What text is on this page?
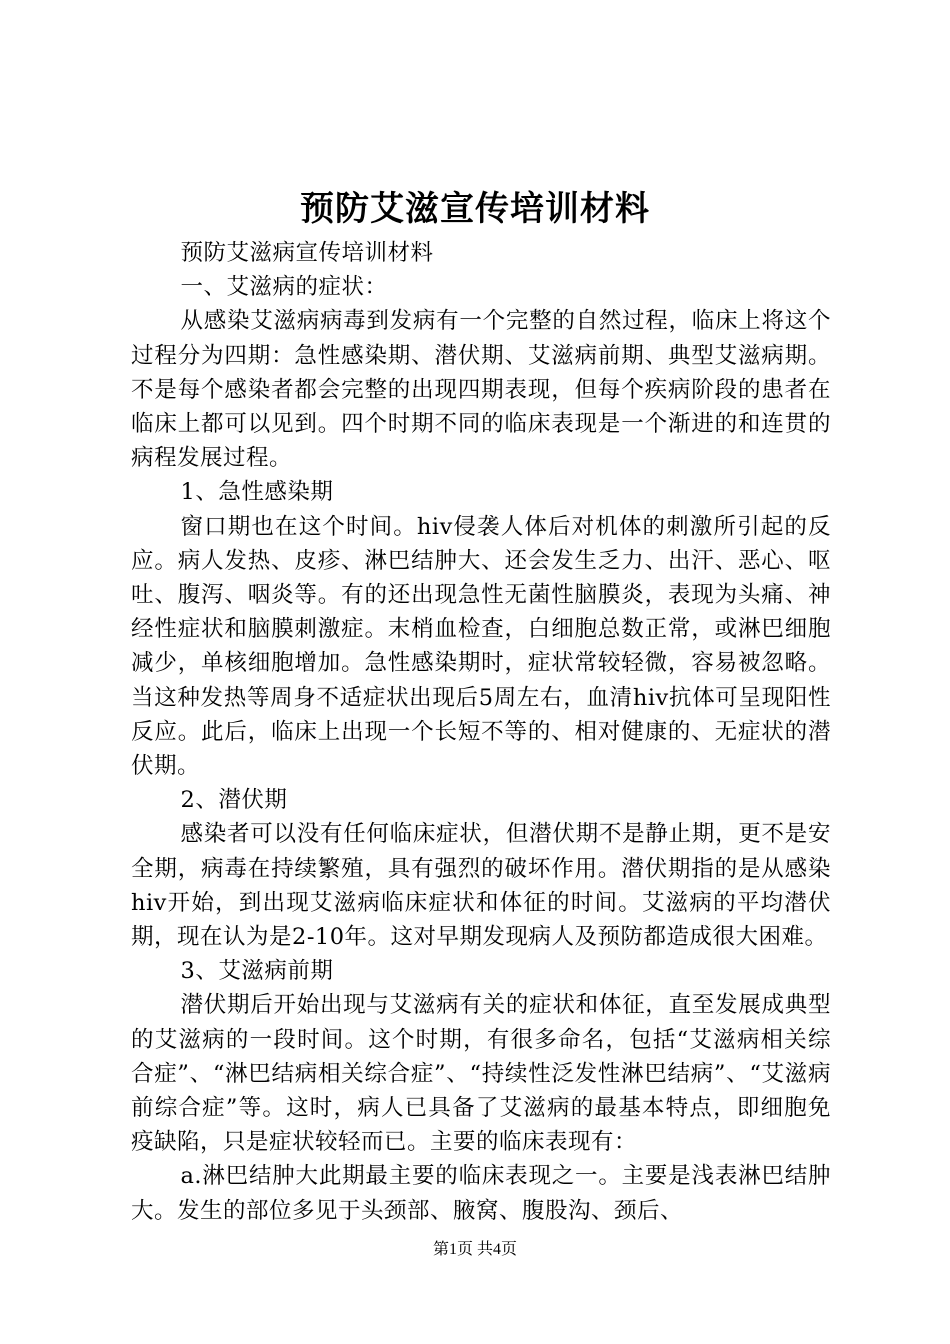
预防艾滋宣传培训材料

预防艾滋病宣传培训材料

一、艾滋病的症状：

从感染艾滋病病毒到发病有一个完整的自然过程，临床上将这个过程分为四期：急性感染期、潜伏期、艾滋病前期、典型艾滋病期。不是每个感染者都会完整的出现四期表现，但每个疾病阶段的患者在临床上都可以见到。四个时期不同的临床表现是一个渐进的和连贯的病程发展过程。

1、急性感染期

窗口期也在这个时间。hiv侵袭人体后对机体的刺激所引起的反应。病人发热、皮疹、淋巴结肿大、还会发生乏力、出汗、恶心、呕吐、腹泻、咽炎等。有的还出现急性无菌性脑膜炎，表现为头痛、神经性症状和脑膜刺激症。末梢血检查，白细胞总数正常，或淋巴细胞减少，单核细胞增加。急性感染期时，症状常较轻微，容易被忽略。当这种发热等周身不适症状出现后5周左右，血清hiv抗体可呈现阳性反应。此后，临床上出现一个长短不等的、相对健康的、无症状的潜伏期。

2、潜伏期

感染者可以没有任何临床症状，但潜伏期不是静止期，更不是安全期，病毒在持续繁殖，具有强烈的破坏作用。潜伏期指的是从感染hiv开始，到出现艾滋病临床症状和体征的时间。艾滋病的平均潜伏期，现在认为是2-10年。这对早期发现病人及预防都造成很大困难。

3、艾滋病前期

潜伏期后开始出现与艾滋病有关的症状和体征，直至发展成典型的艾滋病的一段时间。这个时期，有很多命名，包括“艾滋病相关综合症”、“淋巴结病相关综合症”、“持续性泛发性淋巴结病”、“艾滋病前综合症”等。这时，病人已具备了艾滋病的最基本特点，即细胞免疫缺陷，只是症状较轻而已。主要的临床表现有：

a.淋巴结肿大此期最主要的临床表现之一。主要是浅表淋巴结肿大。发生的部位多见于头颈部、腋窝、腹股沟、颈后、

第1页 共4页
